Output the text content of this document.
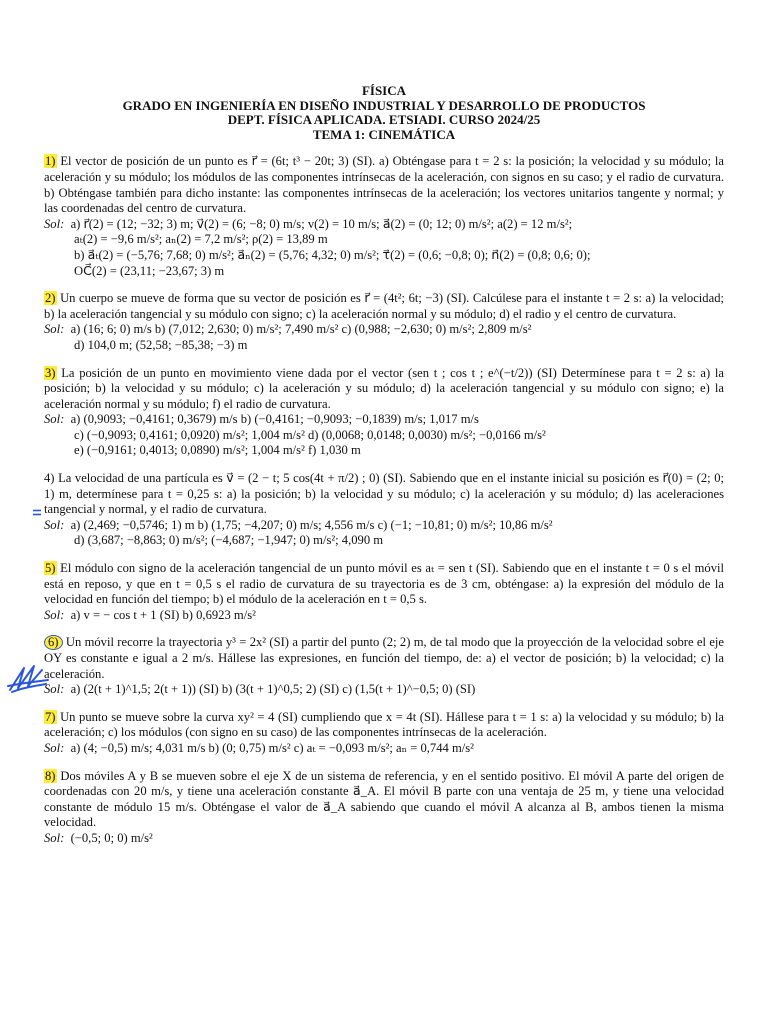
FÍSICA
GRADO EN INGENIERÍA EN DISEÑO INDUSTRIAL Y DESARROLLO DE PRODUCTOS
DEPT. FÍSICA APLICADA. ETSIADI. CURSO 2024/25
TEMA 1: CINEMÁTICA
1) El vector de posición de un punto es r⃗ = (6t; t³ − 20t; 3) (SI). a) Obténgase para t = 2 s: la posición; la velocidad y su módulo; la aceleración y su módulo; los módulos de las componentes intrínsecas de la aceleración, con signos en su caso; y el radio de curvatura. b) Obténgase también para dicho instante: las componentes intrínsecas de la aceleración; los vectores unitarios tangente y normal; y las coordenadas del centro de curvatura.
Sol: a) r⃗(2) = (12; −32; 3) m; v⃗(2) = (6; −8; 0) m/s; v(2) = 10 m/s; a⃗(2) = (0; 12; 0) m/s²; a(2) = 12 m/s²;
aₜ(2) = −9,6 m/s²; aₙ(2) = 7,2 m/s²; ρ(2) = 13,89 m
b) a⃗ₜ(2) = (−5,76; 7,68; 0) m/s²; a⃗ₙ(2) = (5,76; 4,32; 0) m/s²; τ⃗(2) = (0,6; −0,8; 0); n⃗(2) = (0,8; 0,6; 0);
OC⃗(2) = (23,11; −23,67; 3) m
2) Un cuerpo se mueve de forma que su vector de posición es r⃗ = (4t²; 6t; −3) (SI). Calcúlese para el instante t = 2 s: a) la velocidad; b) la aceleración tangencial y su módulo con signo; c) la aceleración normal y su módulo; d) el radio y el centro de curvatura.
Sol: a) (16; 6; 0) m/s b) (7,012; 2,630; 0) m/s²; 7,490 m/s² c) (0,988; −2,630; 0) m/s²; 2,809 m/s²
d) 104,0 m; (52,58; −85,38; −3) m
3) La posición de un punto en movimiento viene dada por el vector (sen t ; cos t ; e^(−t/2)) (SI) Determínese para t = 2 s: a) la posición; b) la velocidad y su módulo; c) la aceleración y su módulo; d) la aceleración tangencial y su módulo con signo; e) la aceleración normal y su módulo; f) el radio de curvatura.
Sol: a) (0,9093; −0,4161; 0,3679) m/s b) (−0,4161; −0,9093; −0,1839) m/s; 1,017 m/s
c) (−0,9093; 0,4161; 0,0920) m/s²; 1,004 m/s² d) (0,0068; 0,0148; 0,0030) m/s²; −0,0166 m/s²
e) (−0,9161; 0,4013; 0,0890) m/s²; 1,004 m/s² f) 1,030 m
4) La velocidad de una partícula es v⃗ = (2 − t; 5 cos(4t + π/2) ; 0) (SI). Sabiendo que en el instante inicial su posición es r⃗(0) = (2; 0; 1) m, determínese para t = 0,25 s: a) la posición; b) la velocidad y su módulo; c) la aceleración y su módulo; d) las aceleraciones tangencial y normal, y el radio de curvatura.
Sol: a) (2,469; −0,5746; 1) m b) (1,75; −4,207; 0) m/s; 4,556 m/s c) (−1; −10,81; 0) m/s²; 10,86 m/s²
d) (3,687; −8,863; 0) m/s²; (−4,687; −1,947; 0) m/s²; 4,090 m
5) El módulo con signo de la aceleración tangencial de un punto móvil es aₜ = sen t (SI). Sabiendo que en el instante t = 0 s el móvil está en reposo, y que en t = 0,5 s el radio de curvatura de su trayectoria es de 3 cm, obténgase: a) la expresión del módulo de la velocidad en función del tiempo; b) el módulo de la aceleración en t = 0,5 s.
Sol: a) v = − cos t + 1 (SI) b) 0,6923 m/s²
6) Un móvil recorre la trayectoria y³ = 2x² (SI) a partir del punto (2; 2) m, de tal modo que la proyección de la velocidad sobre el eje OY es constante e igual a 2 m/s. Hállese las expresiones, en función del tiempo, de: a) el vector de posición; b) la velocidad; c) la aceleración.
Sol: a) (2(t + 1)^1,5; 2(t + 1)) (SI) b) (3(t + 1)^0,5; 2) (SI) c) (1,5(t + 1)^−0,5; 0) (SI)
7) Un punto se mueve sobre la curva xy² = 4 (SI) cumpliendo que x = 4t (SI). Hállese para t = 1 s: a) la velocidad y su módulo; b) la aceleración; c) los módulos (con signo en su caso) de las componentes intrínsecas de la aceleración.
Sol: a) (4; −0,5) m/s; 4,031 m/s b) (0; 0,75) m/s² c) aₜ = −0,093 m/s²; aₙ = 0,744 m/s²
8) Dos móviles A y B se mueven sobre el eje X de un sistema de referencia, y en el sentido positivo. El móvil A parte del origen de coordenadas con 20 m/s, y tiene una aceleración constante a⃗_A. El móvil B parte con una ventaja de 25 m, y tiene una velocidad constante de módulo 15 m/s. Obténgase el valor de a⃗_A sabiendo que cuando el móvil A alcanza al B, ambos tienen la misma velocidad.
Sol: (−0,5; 0; 0) m/s²
